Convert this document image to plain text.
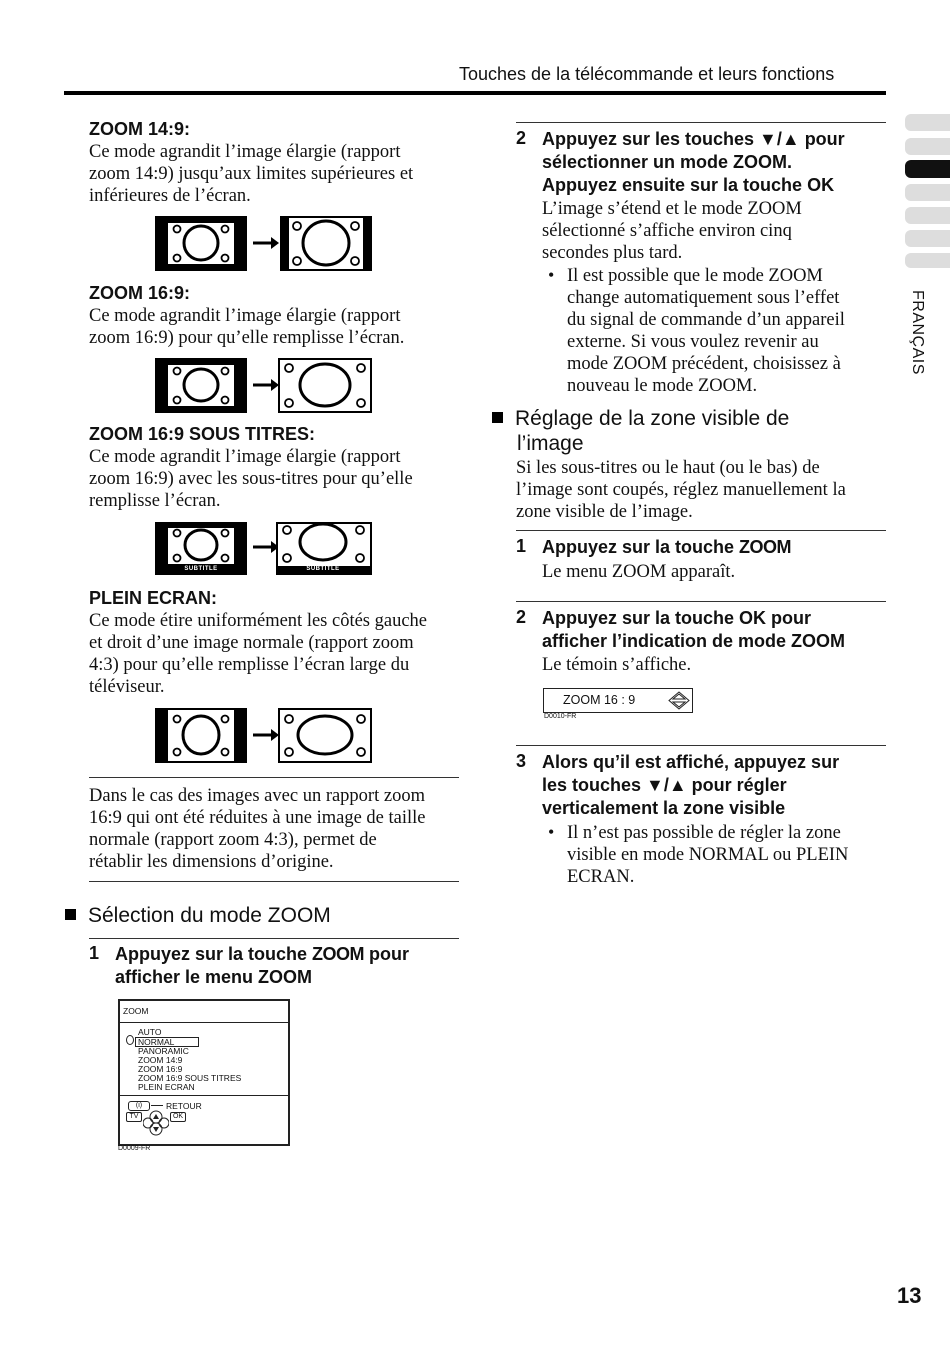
Touches de la télécommande et leurs fonctions
FRANÇAIS
ZOOM 14:9:
Ce mode agrandit l’image élargie (rapport
zoom 14:9) jusqu’aux limites supérieures et
inférieures de l’écran.
ZOOM 16:9:
Ce mode agrandit l’image élargie (rapport
zoom 16:9) pour qu’elle remplisse l’écran.
ZOOM 16:9 SOUS TITRES:
Ce mode agrandit l’image élargie (rapport
zoom 16:9) avec les sous-titres pour qu’elle
remplisse l’écran.
SUBTITLE	SUBTITLE
PLEIN ECRAN:
Ce mode étire uniformément les côtés gauche
et droit d’une image normale (rapport zoom
4:3) pour qu’elle remplisse l’écran large du
téléviseur.
Dans le cas des images avec un rapport zoom
16:9 qui ont été réduites à une image de taille
normale (rapport zoom 4:3), permet de
rétablir les dimensions d’origine.
Sélection du mode ZOOM
1 Appuyez sur la touche ZOOM pour
afficher le menu ZOOM
ZOOM
AUTO
NORMAL
PANORAMIC
ZOOM 14:9
ZOOM 16:9
ZOOM 16:9 SOUS TITRES
PLEIN ECRAN
(i)	RETOUR
TV	OK
D0009-FR
2 Appuyez sur les touches ▼/▲ pour
sélectionner un mode ZOOM.
Appuyez ensuite sur la touche OK
L’image s’étend et le mode ZOOM
sélectionné s’affiche environ cinq
secondes plus tard.
• Il est possible que le mode ZOOM
change automatiquement sous l’effet
du signal de commande d’un appareil
externe. Si vous voulez revenir au
mode ZOOM précédent, choisissez à
nouveau le mode ZOOM.
Réglage de la zone visible de
l’image
Si les sous-titres ou le haut (ou le bas) de
l’image sont coupés, réglez manuellement la
zone visible de l’image.
1 Appuyez sur la touche ZOOM
Le menu ZOOM apparaît.
2 Appuyez sur la touche OK pour
afficher l’indication de mode ZOOM
Le témoin s’affiche.
ZOOM 16 : 9
D0010-FR
3 Alors qu’il est affiché, appuyez sur
les touches ▼/▲ pour régler
verticalement la zone visible
• Il n’est pas possible de régler la zone
visible en mode NORMAL ou PLEIN
ECRAN.
13
